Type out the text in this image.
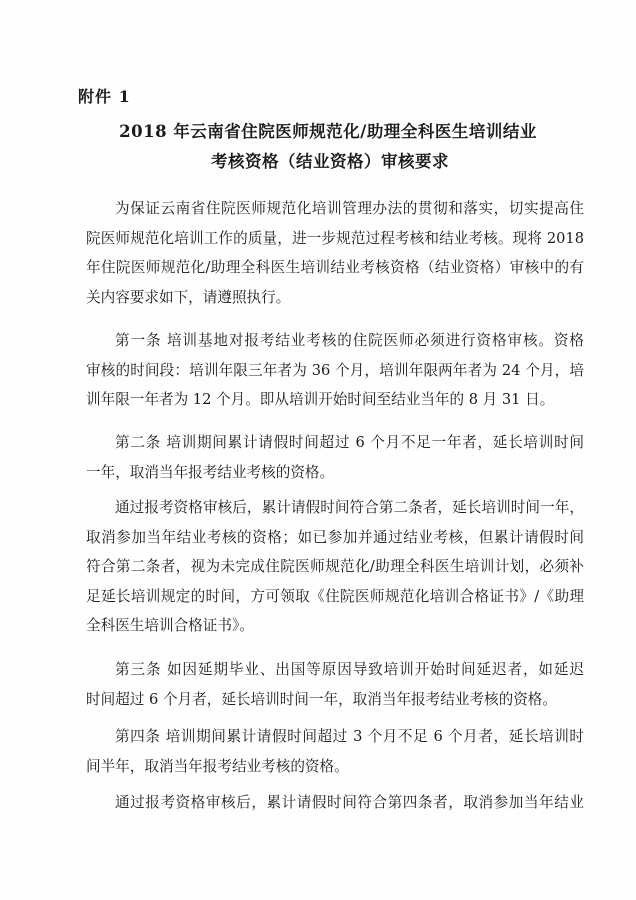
附件 1
2018 年云南省住院医师规范化/助理全科医生培训结业
考核资格（结业资格）审核要求
为保证云南省住院医师规范化培训管理办法的贯彻和落实，切实提高住
院医师规范化培训工作的质量，进一步规范过程考核和结业考核。现将 2018
年住院医师规范化/助理全科医生培训结业考核资格（结业资格）审核中的有
关内容要求如下，请遵照执行。
第一条 培训基地对报考结业考核的住院医师必须进行资格审核。资格
审核的时间段：培训年限三年者为 36 个月，培训年限两年者为 24 个月，培
训年限一年者为 12 个月。即从培训开始时间至结业当年的 8 月 31 日。
第二条 培训期间累计请假时间超过 6 个月不足一年者，延长培训时间
一年，取消当年报考结业考核的资格。
通过报考资格审核后，累计请假时间符合第二条者，延长培训时间一年，
取消参加当年结业考核的资格；如已参加并通过结业考核，但累计请假时间
符合第二条者，视为未完成住院医师规范化/助理全科医生培训计划，必须补
足延长培训规定的时间，方可领取《住院医师规范化培训合格证书》/《助理
全科医生培训合格证书》。
第三条 如因延期毕业、出国等原因导致培训开始时间延迟者，如延迟
时间超过 6 个月者，延长培训时间一年，取消当年报考结业考核的资格。
第四条 培训期间累计请假时间超过 3 个月不足 6 个月者，延长培训时
间半年，取消当年报考结业考核的资格。
通过报考资格审核后，累计请假时间符合第四条者，取消参加当年结业
